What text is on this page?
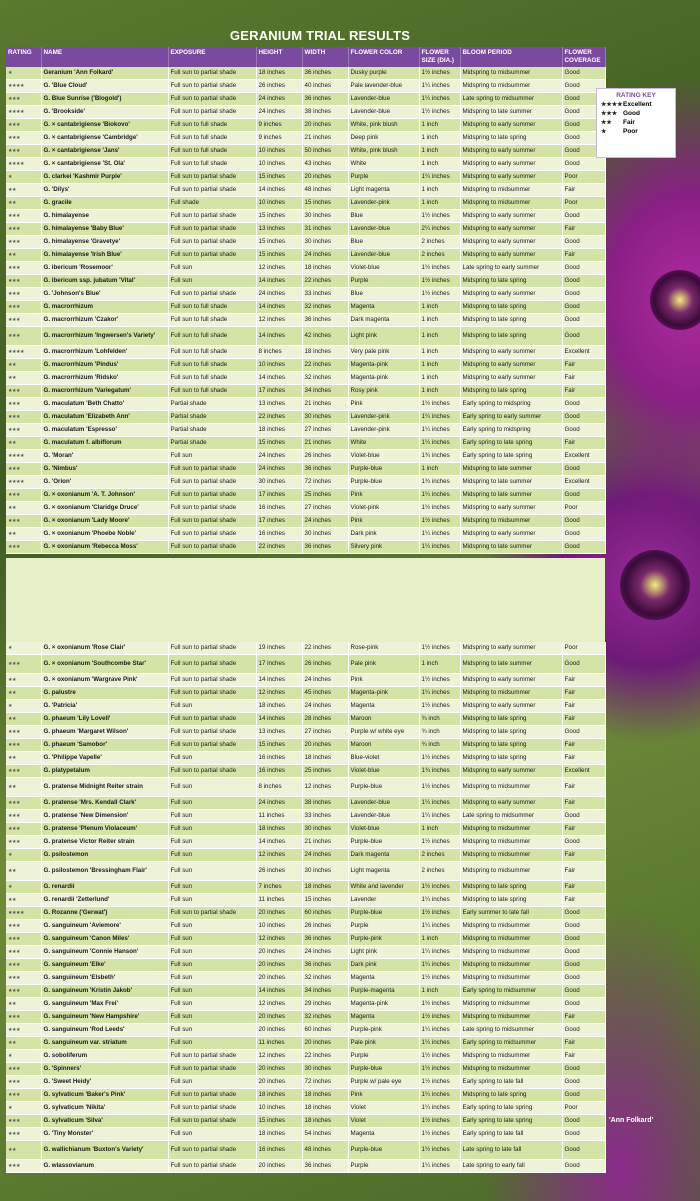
GERANIUM TRIAL RESULTS
RATING	NAME	EXPOSURE	HEIGHT	WIDTH	FLOWER COLOR	FLOWER SIZE (DIA.)	BLOOM PERIOD	FLOWER COVERAGE
★	Geranium 'Ann Folkard'	Full sun to partial shade	18 inches	36 inches	Dusky purple	1½ inches	Midspring to midsummer	Good
★★★★	G. 'Blue Cloud'	Full sun to partial shade	26 inches	40 inches	Pale lavender-blue	1¼ inches	Midspring to midsummer	Good
★★★	G. Blue Sunrise ('Blogold')	Full sun to partial shade	24 inches	36 inches	Lavender-blue	1¼ inches	Late spring to midsummer	Good
★★★★	G. 'Brookside'	Full sun to partial shade	24 inches	38 inches	Lavender-blue	1½ inches	Midspring to late summer	Good
★★★	G. × cantabrigiense 'Biokovo'	Full sun to full shade	9 inches	20 inches	White, pink blush	1 inch	Midspring to early summer	Good
★★★	G. × cantabrigiense 'Cambridge'	Full sun to full shade	9 inches	21 inches	Deep pink	1 inch	Midspring to late spring	Good
★★★	G. × cantabrigiense 'Jans'	Full sun to full shade	10 inches	50 inches	White, pink blush	1 inch	Midspring to early summer	Good
★★★★	G. × cantabrigiense 'St. Ola'	Full sun to full shade	10 inches	43 inches	White	1 inch	Midspring to early summer	Good
★	G. clarkei 'Kashmir Purple'	Full sun to partial shade	15 inches	20 inches	Purple	1¼ inches	Midspring to early summer	Poor
★★	G. 'Dilys'	Full sun to partial shade	14 inches	48 inches	Light magenta	1 inch	Midspring to midsummer	Fair
★★	G. gracile	Full shade	10 inches	15 inches	Lavender-pink	1 inch	Midspring to midsummer	Poor
★★★	G. himalayense	Full sun to partial shade	15 inches	30 inches	Blue	1½ inches	Midspring to early summer	Good
★★★	G. himalayense 'Baby Blue'	Full sun to partial shade	13 inches	31 inches	Lavender-blue	2¼ inches	Midspring to early summer	Fair
★★★	G. himalayense 'Gravetye'	Full sun to partial shade	15 inches	30 inches	Blue	2 inches	Midspring to early summer	Good
★★	G. himalayense 'Irish Blue'	Full sun to partial shade	15 inches	24 inches	Lavender-blue	2 inches	Midspring to early summer	Fair
★★★	G. ibericum 'Rosemoor'	Full sun	12 inches	18 inches	Violet-blue	1½ inches	Late spring to early summer	Good
★★★	G. ibericum ssp. jubatum 'Vital'	Full sun	14 inches	22 inches	Purple	1½ inches	Midspring to late spring	Good
★★★	G. 'Johnson's Blue'	Full sun to partial shade	24 inches	33 inches	Blue	1½ inches	Midspring to early summer	Good
★★★	G. macrorrhizum	Full sun to full shade	14 inches	32 inches	Magenta	1 inch	Midspring to late spring	Good
★★★	G. macrorrhizum 'Czakor'	Full sun to full shade	12 inches	36 inches	Dark magenta	1 inch	Midspring to late spring	Good
★★★	G. macrorrhizum 'Ingwersen's Variety'	Full sun to full shade	14 inches	42 inches	Light pink	1 inch	Midspring to late spring	Good
★★★★	G. macrorrhizum 'Lohfelden'	Full sun to full shade	8 inches	18 inches	Very pale pink	1 inch	Midspring to early summer	Excellent
★★	G. macrorrhizum 'Pindus'	Full sun to full shade	10 inches	22 inches	Magenta-pink	1 inch	Midspring to early summer	Fair
★★	G. macrorrhizum 'Ridsko'	Full sun to full shade	14 inches	32 inches	Magenta-pink	1 inch	Midspring to early summer	Fair
★★★	G. macrorrhizum 'Variegatum'	Full sun to full shade	17 inches	34 inches	Rosy pink	1 inch	Midspring to late spring	Fair
★★★	G. maculatum 'Beth Chatto'	Partial shade	13 inches	21 inches	Pink	1½ inches	Early spring to midspring	Good
★★★	G. maculatum 'Elizabeth Ann'	Partial shade	22 inches	30 inches	Lavender-pink	1¼ inches	Early spring to early summer	Good
★★★	G. maculatum 'Espresso'	Partial shade	18 inches	27 inches	Lavender-pink	1¼ inches	Early spring to midspring	Good
★★	G. maculatum f. albiflorum	Partial shade	15 inches	21 inches	White	1¼ inches	Early spring to late spring	Fair
★★★★	G. 'Moran'	Full sun	24 inches	26 inches	Violet-blue	1¾ inches	Early spring to late spring	Excellent
★★★	G. 'Nimbus'	Full sun to partial shade	24 inches	36 inches	Purple-blue	1 inch	Midspring to late summer	Good
★★★★	G. 'Orion'	Full sun to partial shade	30 inches	72 inches	Purple-blue	1¾ inches	Midspring to late summer	Excellent
★★★	G. × oxonianum 'A. T. Johnson'	Full sun to partial shade	17 inches	25 inches	Pink	1¼ inches	Midspring to late summer	Good
★★	G. × oxonianum 'Claridge Druce'	Full sun to partial shade	16 inches	27 inches	Violet-pink	1½ inches	Midspring to early summer	Poor
★★★	G. × oxonianum 'Lady Moore'	Full sun to partial shade	17 inches	24 inches	Pink	1½ inches	Midspring to midsummer	Good
★★	G. × oxonianum 'Phoebe Noble'	Full sun to partial shade	16 inches	30 inches	Dark pink	1¼ inches	Midspring to early summer	Good
★★★	G. × oxonianum 'Rebecca Moss'	Full sun to partial shade	22 inches	36 inches	Silvery pink	1¼ inches	Midspring to late summer	Good
★	G. × oxonianum 'Rose Clair'	Full sun to partial shade	19 inches	22 inches	Rose-pink	1½ inches	Midspring to early summer	Poor
★★★	G. × oxonianum 'Southcombe Star'	Full sun to partial shade	17 inches	26 inches	Pale pink	1 inch	Midspring to late summer	Good
★★	G. × oxonianum 'Wargrave Pink'	Full sun to partial shade	14 inches	24 inches	Pink	1½ inches	Midspring to early summer	Fair
★★	G. palustre	Full sun to partial shade	12 inches	45 inches	Magenta-pink	1¼ inches	Midspring to midsummer	Fair
★	G. 'Patricia'	Full sun	18 inches	24 inches	Magenta	1½ inches	Midspring to early summer	Fair
★★	G. phaeum 'Lily Lovell'	Full sun to partial shade	14 inches	28 inches	Maroon	¾ inch	Midspring to late spring	Fair
★★★	G. phaeum 'Margaret Wilson'	Full sun to partial shade	13 inches	27 inches	Purple w/ white eye	¾ inch	Midspring to late spring	Good
★★★	G. phaeum 'Samobor'	Full sun to partial shade	15 inches	20 inches	Maroon	¾ inch	Midspring to late spring	Fair
★★	G. 'Philippe Vapelle'	Full sun	16 inches	18 inches	Blue-violet	1½ inches	Midspring to late spring	Fair
★★★	G. platypetalum	Full sun to partial shade	16 inches	25 inches	Violet-blue	1¾ inches	Midspring to early summer	Excellent
★★	G. pratense Midnight Reiter strain	Full sun	8 inches	12 inches	Purple-blue	1½ inches	Midspring to midsummer	Fair
★★★	G. pratense 'Mrs. Kendall Clark'	Full sun	24 inches	38 inches	Lavender-blue	1¼ inches	Midspring to early summer	Fair
★★★	G. pratense 'New Dimension'	Full sun	11 inches	33 inches	Lavender-blue	1¼ inches	Late spring to midsummer	Good
★★★	G. pratense 'Plenum Violaceum'	Full sun	18 inches	30 inches	Violet-blue	1 inch	Midspring to midsummer	Fair
★★★	G. pratense Victor Reiter strain	Full sun	14 inches	21 inches	Purple-blue	1½ inches	Midspring to midsummer	Good
★	G. psilostemon	Full sun	12 inches	24 inches	Dark magenta	2 inches	Midspring to midsummer	Fair
★★	G. psilostemon 'Bressingham Flair'	Full sun	26 inches	30 inches	Light magenta	2 inches	Midspring to midsummer	Fair
★	G. renardii	Full sun	7 inches	18 inches	White and lavender	1½ inches	Midspring to late spring	Fair
★★	G. renardii 'Zetterlund'	Full sun	11 inches	15 inches	Lavender	1¼ inches	Midspring to late spring	Fair
★★★★	G. Rozanne ('Gerwat')	Full sun to partial shade	20 inches	60 inches	Purple-blue	1½ inches	Early summer to late fall	Good
★★★	G. sanguineum 'Aviemore'	Full sun	10 inches	26 inches	Purple	1¼ inches	Midspring to midsummer	Good
★★★	G. sanguineum 'Canon Miles'	Full sun	12 inches	36 inches	Purple-pink	1 inch	Midspring to midsummer	Good
★★★	G. sanguineum 'Connie Hanson'	Full sun	20 inches	24 inches	Light pink	1¼ inches	Midspring to midsummer	Good
★★★	G. sanguineum 'Elke'	Full sun	20 inches	36 inches	Dark pink	1¼ inches	Midspring to midsummer	Good
★★★	G. sanguineum 'Elsbeth'	Full sun	20 inches	32 inches	Magenta	1½ inches	Midspring to midsummer	Good
★★★	G. sanguineum 'Kristin Jakob'	Full sun	14 inches	34 inches	Purple-magenta	1 inch	Early spring to midsummer	Good
★★	G. sanguineum 'Max Frei'	Full sun	12 inches	29 inches	Magenta-pink	1½ inches	Midspring to midsummer	Good
★★★	G. sanguineum 'New Hampshire'	Full sun	20 inches	32 inches	Magenta	1½ inches	Midspring to midsummer	Fair
★★★	G. sanguineum 'Rod Leeds'	Full sun	20 inches	60 inches	Purple-pink	1¼ inches	Late spring to midsummer	Good
★★	G. sanguineum var. striatum	Full sun	11 inches	20 inches	Pale pink	1¼ inches	Early spring to midsummer	Fair
★	G. soboliferum	Full sun to partial shade	12 inches	22 inches	Purple	1½ inches	Midspring to midsummer	Fair
★★★	G. 'Spinners'	Full sun to partial shade	20 inches	30 inches	Purple-blue	1½ inches	Midspring to midsummer	Good
★★★	G. 'Sweet Heidy'	Full sun	20 inches	72 inches	Purple w/ pale eye	1½ inches	Early spring to late fall	Good
★★★	G. sylvaticum 'Baker's Pink'	Full sun to partial shade	18 inches	18 inches	Pink	1¼ inches	Midspring to late spring	Good
★	G. sylvaticum 'Nikita'	Full sun to partial shade	10 inches	18 inches	Violet	1¼ inches	Early spring to late spring	Poor
★★★	G. sylvaticum 'Silva'	Full sun to partial shade	15 inches	18 inches	Violet	1½ inches	Early spring to late spring	Good
★★★	G. 'Tiny Monster'	Full sun	18 inches	54 inches	Magenta	1½ inches	Early spring to late fall	Good
★★	G. wallichianum 'Buxton's Variety'	Full sun to partial shade	16 inches	48 inches	Purple-blue	1½ inches	Late spring to late fall	Good
★★★	G. wlassovianum	Full sun to partial shade	20 inches	36 inches	Purple	1¼ inches	Late spring to early fall	Good
RATING KEY
★★★★ Excellent
★★★ Good
★★	Fair
★	Poor
'Ann Folkard'
